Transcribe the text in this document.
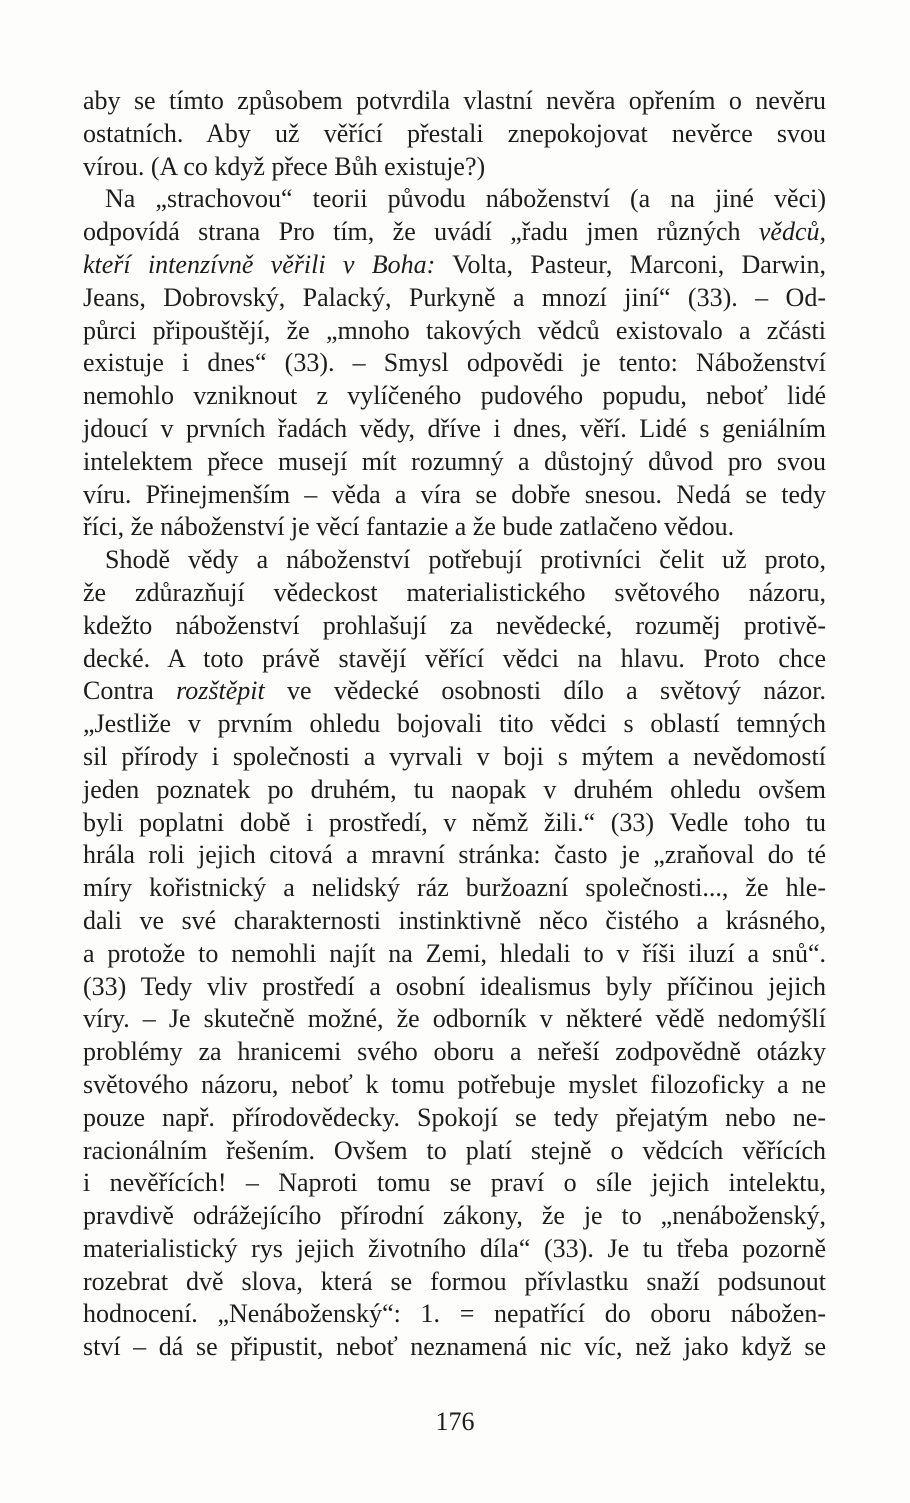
aby se tímto způsobem potvrdila vlastní nevěra opřením o nevěru
ostatních. Aby už věřící přestali znepokojovat nevěrce svou
vírou. (A co když přece Bůh existuje?)
Na „strachovou“ teorii původu náboženství (a na jiné věci)
odpovídá strana Pro tím, že uvádí „řadu jmen různých vědců,
kteří intenzívně věřili v Boha: Volta, Pasteur, Marconi, Darwin,
Jeans, Dobrovský, Palacký, Purkyně a mnozí jiní“ (33). – Od-
půrci připouštějí, že „mnoho takových vědců existovalo a zčásti
existuje i dnes“ (33). – Smysl odpovědi je tento: Náboženství
nemohlo vzniknout z vylíčeného pudového popudu, neboť lidé
jdoucí v prvních řadách vědy, dříve i dnes, věří. Lidé s geniálním
intelektem přece musejí mít rozumný a důstojný důvod pro svou
víru. Přinejmenším – věda a víra se dobře snesou. Nedá se tedy
říci, že náboženství je věcí fantazie a že bude zatlačeno vědou.
Shodě vědy a náboženství potřebují protivníci čelit už proto,
že zdůrazňují vědeckost materialistického světového názoru,
kdežto náboženství prohlašují za nevědecké, rozuměj protivě-
decké. A toto právě stavějí věřící vědci na hlavu. Proto chce
Contra rozštěpit ve vědecké osobnosti dílo a světový názor.
„Jestliže v prvním ohledu bojovali tito vědci s oblastí temných
sil přírody i společnosti a vyrvali v boji s mýtem a nevědomostí
jeden poznatek po druhém, tu naopak v druhém ohledu ovšem
byli poplatni době i prostředí, v němž žili.“ (33) Vedle toho tu
hrála roli jejich citová a mravní stránka: často je „zraňoval do té
míry kořistnický a nelidský ráz buržoazní společnosti..., že hle-
dali ve své charakternosti instinktivně něco čistého a krásného,
a protože to nemohli najít na Zemi, hledali to v říši iluzí a snů“.
(33) Tedy vliv prostředí a osobní idealismus byly příčinou jejich
víry. – Je skutečně možné, že odborník v některé vědě nedomýšlí
problémy za hranicemi svého oboru a neřeší zodpovědně otázky
světového názoru, neboť k tomu potřebuje myslet filozoficky a ne
pouze např. přírodovědecky. Spokojí se tedy přejatým nebo ne-
racionálním řešením. Ovšem to platí stejně o vědcích věřících
i nevěřících! – Naproti tomu se praví o síle jejich intelektu,
pravdivě odrážejícího přírodní zákony, že je to „nenáboženský,
materialistický rys jejich životního díla“ (33). Je tu třeba pozorně
rozebrat dvě slova, která se formou přívlastku snaží podsunout
hodnocení. „Nenáboženský“: 1. = nepatřící do oboru nábožen-
ství – dá se připustit, neboť neznamená nic víc, než jako když se
176
